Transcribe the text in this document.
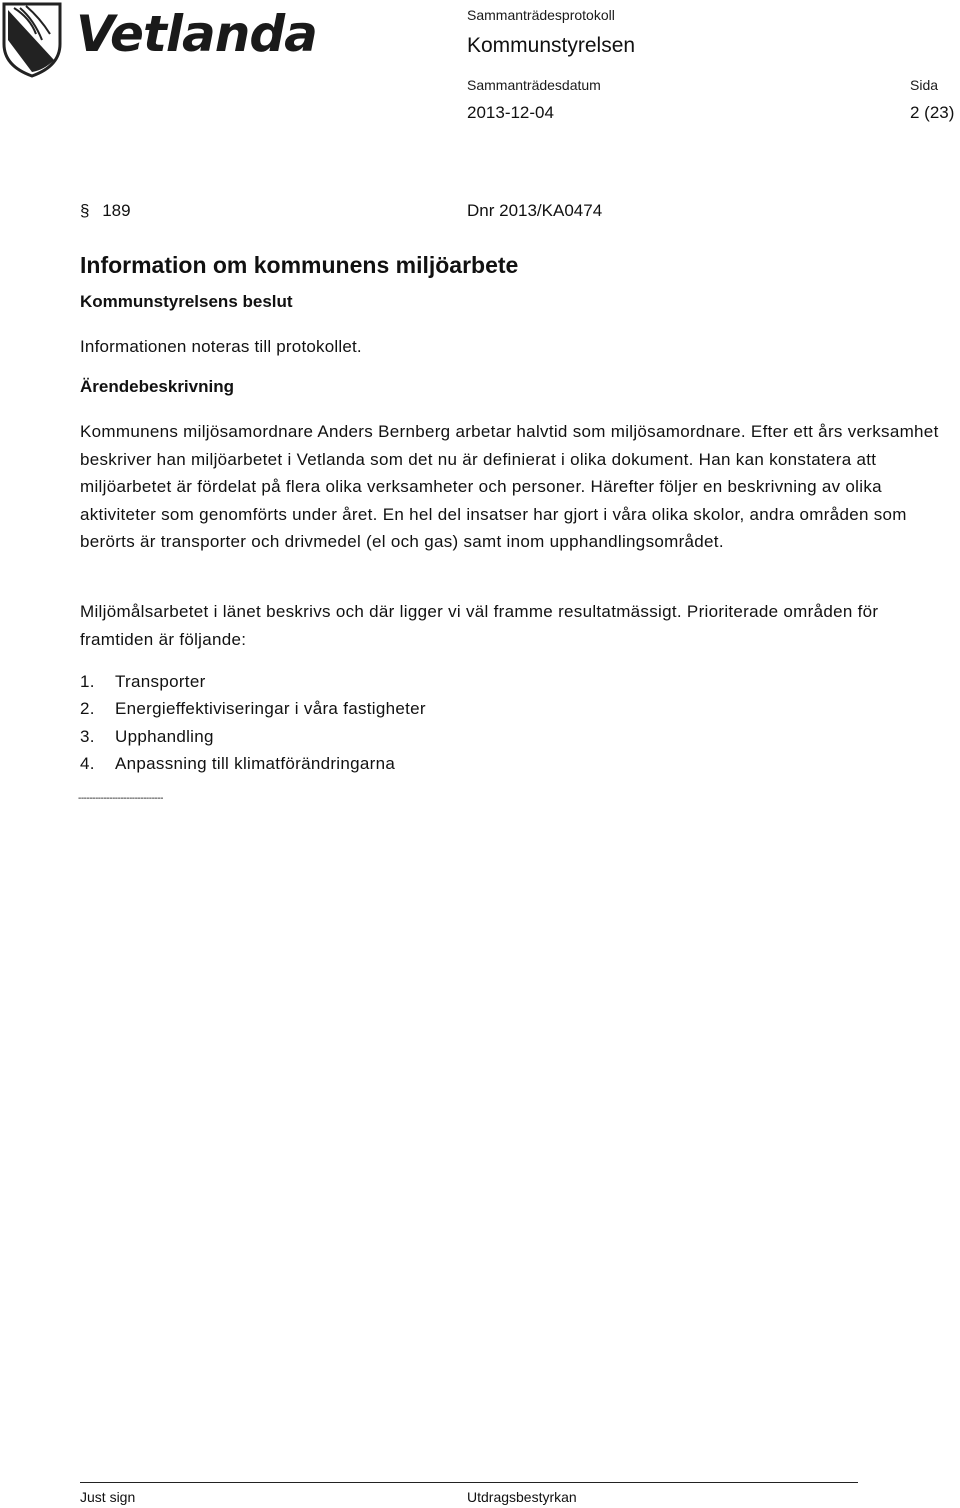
Vetlanda	Sammanträdesprotokoll
Kommunstyrelsen
Sammanträdesdatum	Sida
2013-12-04	2 (23)
§ 189	Dnr 2013/KA0474
Information om kommunens miljöarbete
Kommunstyrelsens beslut
Informationen noteras till protokollet.
Ärendebeskrivning
Kommunens miljösamordnare Anders Bernberg arbetar halvtid som miljösamordnare. Efter ett års verksamhet beskriver han miljöarbetet i Vetlanda som det nu är definierat i olika dokument. Han kan konstatera att miljöarbetet är fördelat på flera olika verksamheter och personer. Härefter följer en beskrivning av olika aktiviteter som genomförts under året. En hel del insatser har gjort i våra olika skolor, andra områden som berörts är transporter och drivmedel (el och gas) samt inom upphandlingsområdet.
Miljömålsarbetet i länet beskrivs och där ligger vi väl framme resultatmässigt. Prioriterade områden för framtiden är följande:
1. Transporter
2. Energieffektiviseringar i våra fastigheter
3. Upphandling
4. Anpassning till klimatförändringarna
------------------------------
Just sign	Utdragsbestyrkan
